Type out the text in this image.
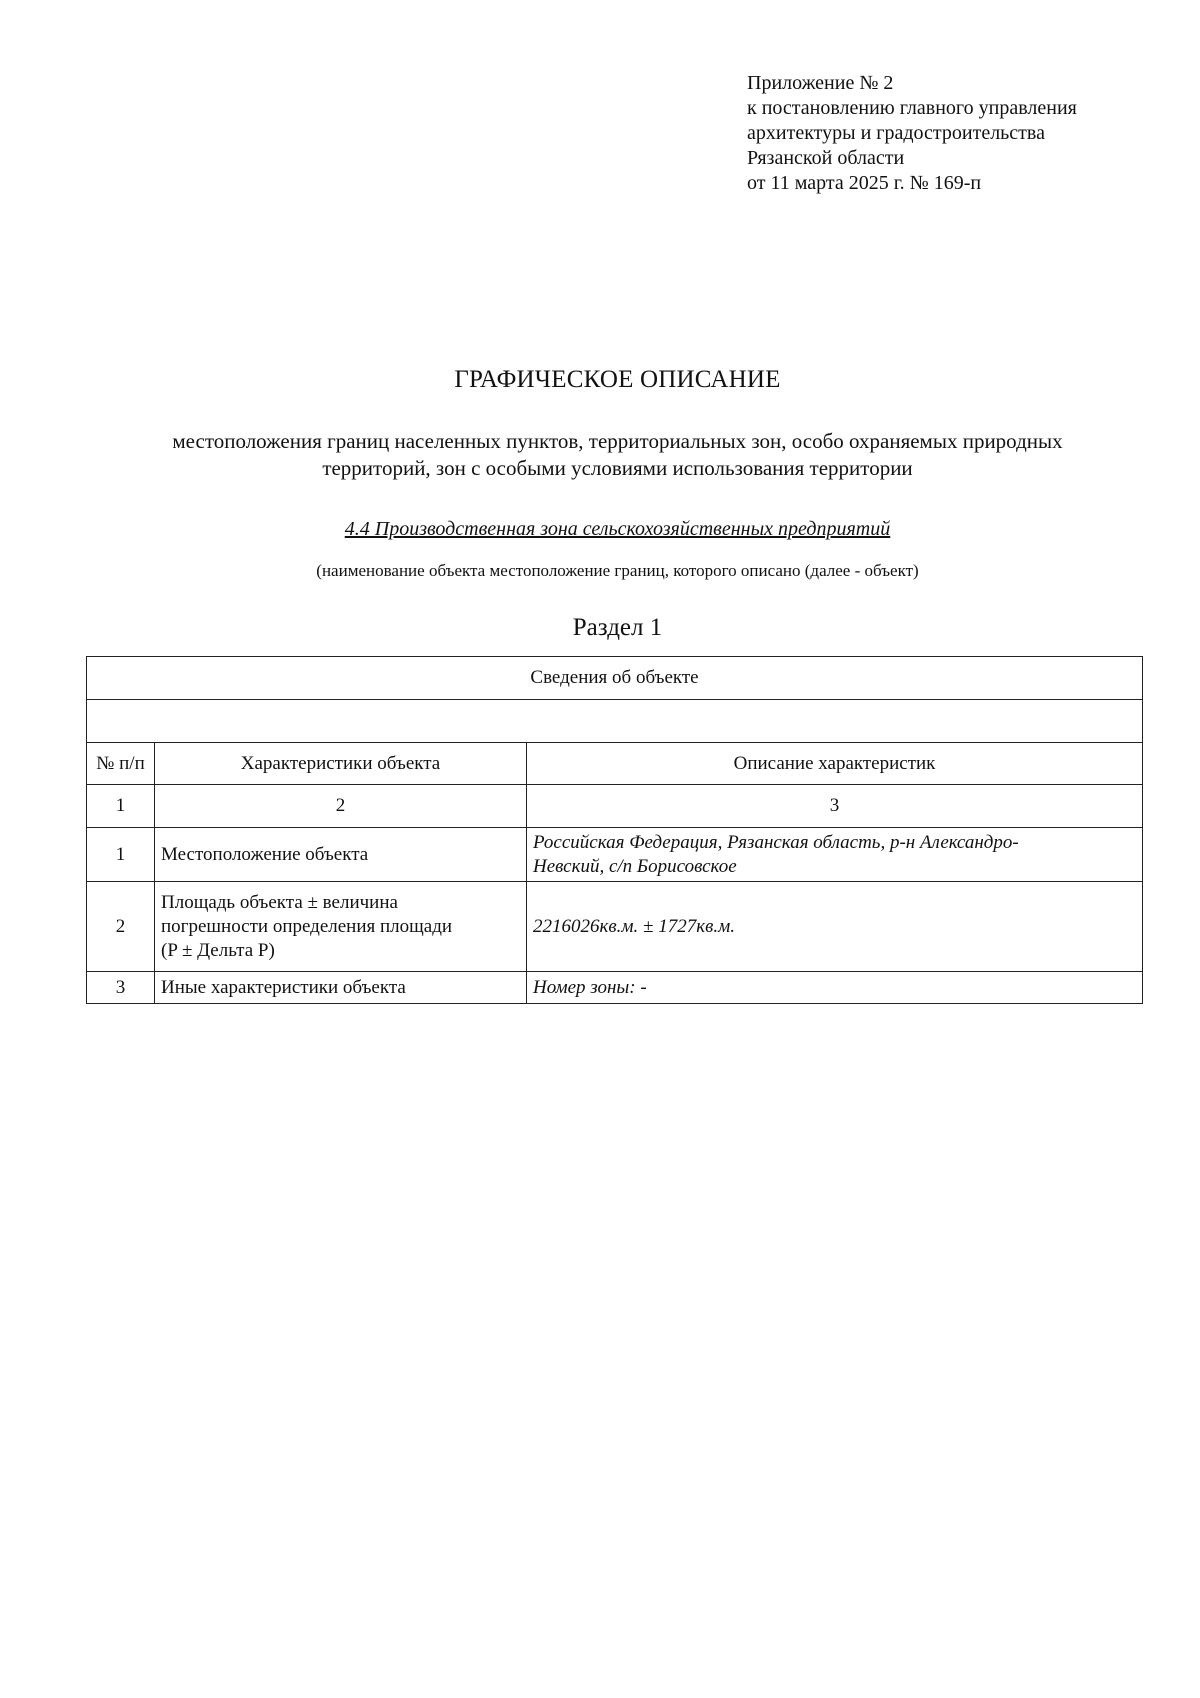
Приложение № 2
к постановлению главного управления
архитектуры и градостроительства
Рязанской области
от 11 марта 2025 г. № 169-п
ГРАФИЧЕСКОЕ ОПИСАНИЕ
местоположения границ населенных пунктов, территориальных зон, особо охраняемых природных
территорий, зон с особыми условиями использования территории
4.4 Производственная зона сельскохозяйственных предприятий
(наименование объекта местоположение границ, которого описано (далее - объект)
Раздел 1
Сведения об объекте		

№ п/п	Характеристики объекта	Описание характеристик
1	2	3
1	Местоположение объекта	Российская Федерация, Рязанская область, р-н Александро-
Невский, с/п Борисовское

2	Площадь объекта ± величина
погрешности определения площади
(P ± Дельта P)	2216026кв.м. ± 1727кв.м.
3	Иные характеристики объекта	Номер зоны: -
